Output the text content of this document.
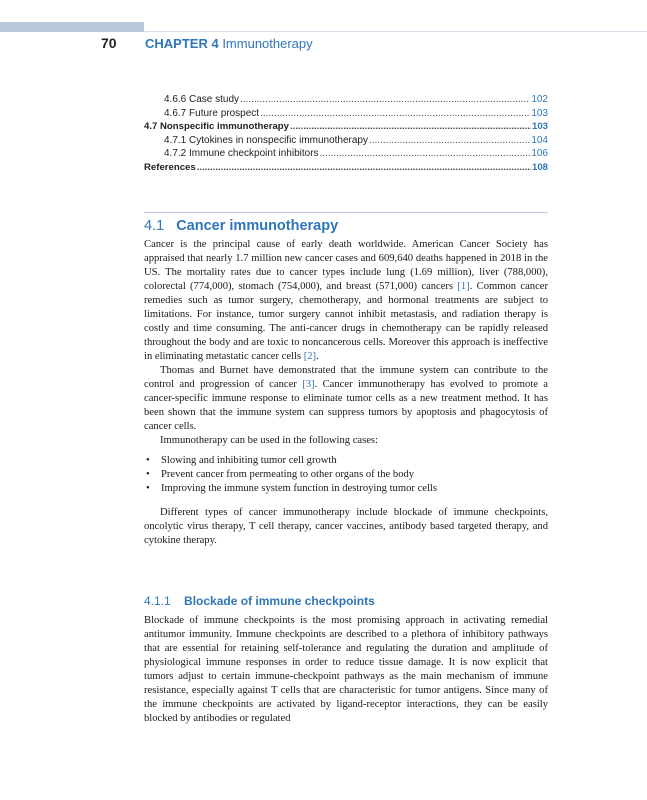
70 CHAPTER 4 Immunotherapy
4.6.6 Case study .....	102
4.6.7 Future prospect .....	103
4.7 Nonspecific immunotherapy .....	103
4.7.1 Cytokines in nonspecific immunotherapy .....	104
4.7.2 Immune checkpoint inhibitors .....	106
References .....	108
4.1 Cancer immunotherapy

Cancer is the principal cause of early death worldwide. American Cancer Society has appraised that nearly 1.7 million new cancer cases and 609,640 deaths happened in 2018 in the US. The mortality rates due to cancer types include lung (1.69 million), liver (788,000), colorectal (774,000), stomach (754,000), and breast (571,000) cancers [1]. Common cancer remedies such as tumor surgery, chemotherapy, and hormonal treatments are subject to limitations. For instance, tumor surgery cannot inhibit metastasis, and radiation therapy is costly and time consuming. The anti-cancer drugs in chemotherapy can be rapidly released throughout the body and are toxic to noncancerous cells. Moreover this approach is ineffective in eliminating metastatic cancer cells [2].

Thomas and Burnet have demonstrated that the immune system can contribute to the control and progression of cancer [3]. Cancer immunotherapy has evolved to promote a cancer-specific immune response to eliminate tumor cells as a new treatment method. It has been shown that the immune system can suppress tumors by apoptosis and phagocytosis of cancer cells.

Immunotherapy can be used in the following cases:

• Slowing and inhibiting tumor cell growth
• Prevent cancer from permeating to other organs of the body
• Improving the immune system function in destroying tumor cells

Different types of cancer immunotherapy include blockade of immune checkpoints, oncolytic virus therapy, T cell therapy, cancer vaccines, antibody based targeted therapy, and cytokine therapy.

4.1.1 Blockade of immune checkpoints

Blockade of immune checkpoints is the most promising approach in activating remedial antitumor immunity. Immune checkpoints are described to a plethora of inhibitory pathways that are essential for retaining self-tolerance and regulating the duration and amplitude of physiological immune responses in order to reduce tissue damage. It is now explicit that tumors adjust to certain immune-checkpoint pathways as the main mechanism of immune resistance, especially against T cells that are characteristic for tumor antigens. Since many of the immune checkpoints are activated by ligand-receptor interactions, they can be easily blocked by antibodies or regulated
